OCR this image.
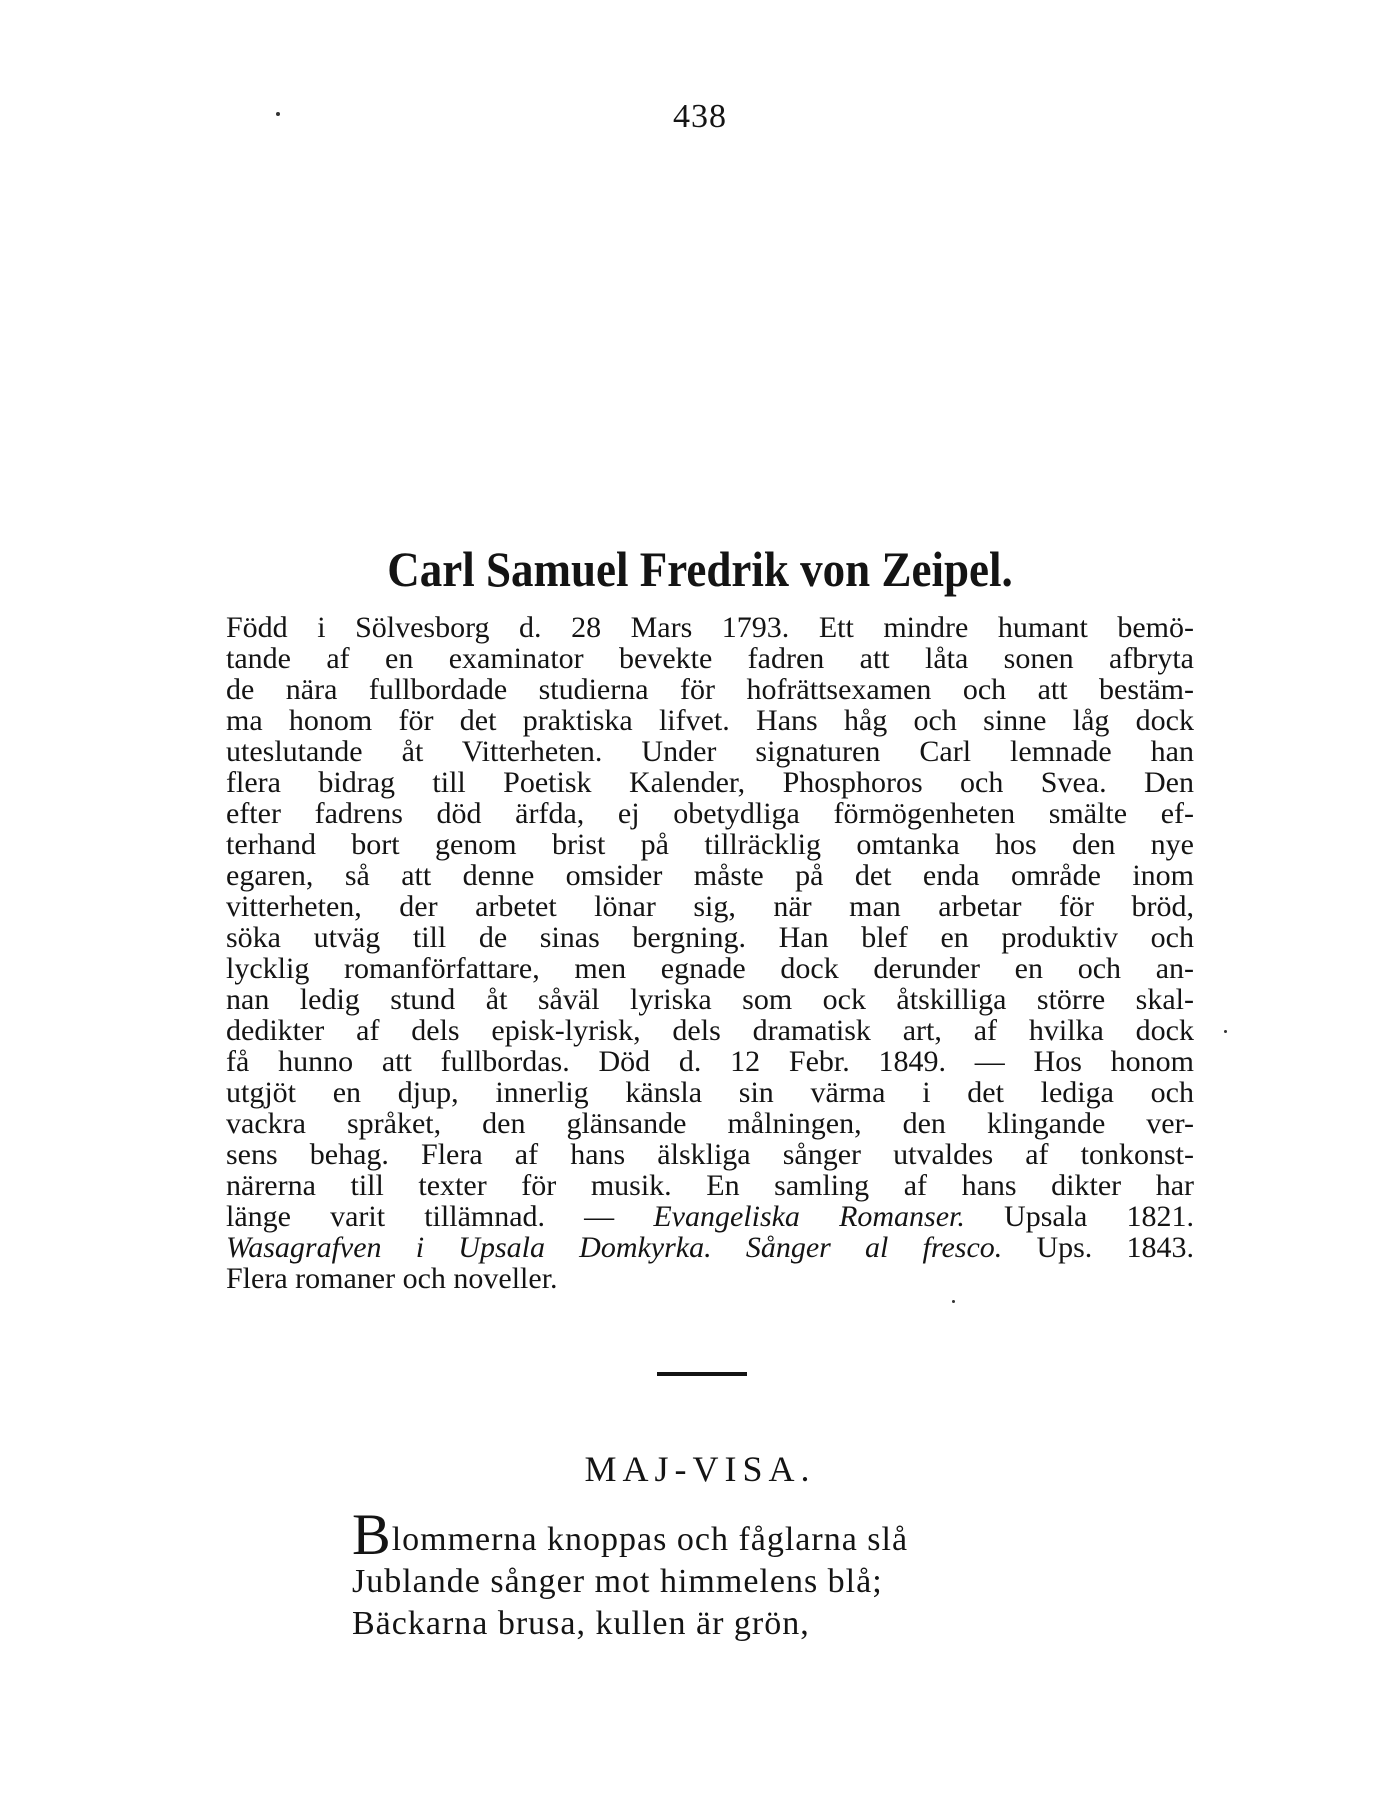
438
Carl Samuel Fredrik von Zeipel.
Född i Sölvesborg d. 28 Mars 1793. Ett mindre humant bemö-
tande af en examinator bevekte fadren att låta sonen afbryta
de nära fullbordade studierna för hofrättsexamen och att bestäm-
ma honom för det praktiska lifvet. Hans håg och sinne låg dock
uteslutande åt Vitterheten. Under signaturen Carl lemnade han
flera bidrag till Poetisk Kalender, Phosphoros och Svea. Den
efter fadrens död ärfda, ej obetydliga förmögenheten smälte ef-
terhand bort genom brist på tillräcklig omtanka hos den nye
egaren, så att denne omsider måste på det enda område inom
vitterheten, der arbetet lönar sig, när man arbetar för bröd,
söka utväg till de sinas bergning. Han blef en produktiv och
lycklig romanförfattare, men egnade dock derunder en och an-
nan ledig stund åt såväl lyriska som ock åtskilliga större skal-
dedikter af dels episk-lyrisk, dels dramatisk art, af hvilka dock
få hunno att fullbordas. Död d. 12 Febr. 1849. — Hos honom
utgjöt en djup, innerlig känsla sin värma i det lediga och
vackra språket, den glänsande målningen, den klingande ver-
sens behag. Flera af hans älskliga sånger utvaldes af tonkonst-
närerna till texter för musik. En samling af hans dikter har
länge varit tillämnad. — Evangeliska Romanser. Upsala 1821.
Wasagrafven i Upsala Domkyrka. Sånger al fresco. Ups. 1843.
Flera romaner och noveller.
MAJ-VISA.
Blommerna knoppas och fåglarna slå
Jublande sånger mot himmelens blå;
Bäckarna brusa, kullen är grön,
